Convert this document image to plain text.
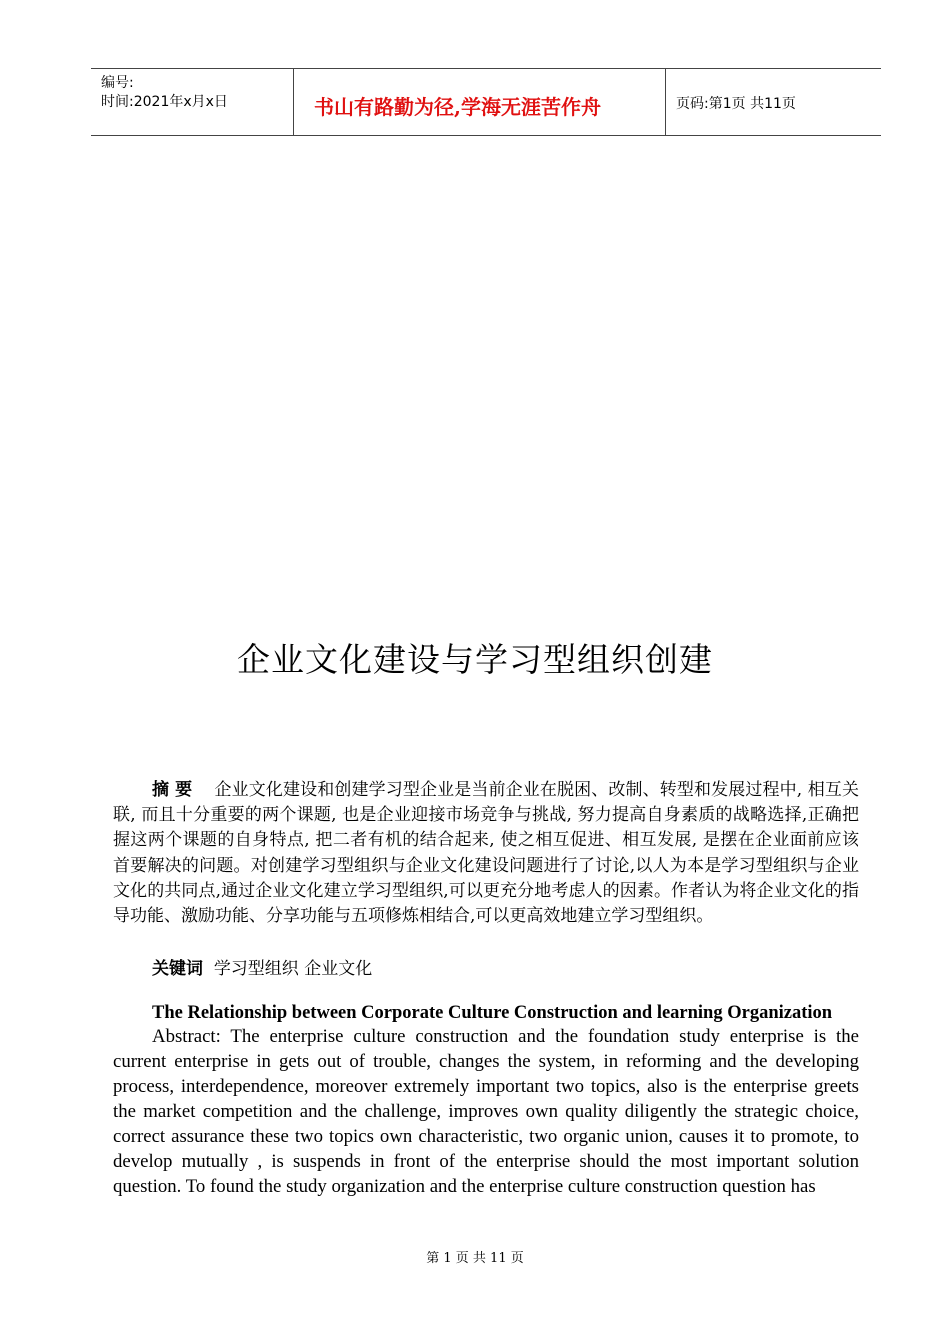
编号:
时间:2021年x月x日	书山有路勤为径,学海无涯苦作舟	页码:第1页 共11页
企业文化建设与学习型组织创建
摘 要 企业文化建设和创建学习型企业是当前企业在脱困、改制、转型和发展过程中, 相互关联, 而且十分重要的两个课题, 也是企业迎接市场竞争与挑战, 努力提高自身素质的战略选择,正确把握这两个课题的自身特点, 把二者有机的结合起来, 使之相互促进、相互发展, 是摆在企业面前应该首要解决的问题。对创建学习型组织与企业文化建设问题进行了讨论,以人为本是学习型组织与企业文化的共同点,通过企业文化建立学习型组织,可以更充分地考虑人的因素。作者认为将企业文化的指导功能、激励功能、分享功能与五项修炼相结合,可以更高效地建立学习型组织。
关键词 学习型组织 企业文化
The Relationship between Corporate Culture Construction and learning Organization
Abstract: The enterprise culture construction and the foundation study enterprise is the current enterprise in gets out of trouble, changes the system, in reforming and the developing process, interdependence, moreover extremely important two topics, also is the enterprise greets the market competition and the challenge, improves own quality diligently the strategic choice, correct assurance these two topics own characteristic, two organic union, causes it to promote, to develop mutually , is suspends in front of the enterprise should the most important solution question. To found the study organization and the enterprise culture construction question has
第 1 页 共 11 页
